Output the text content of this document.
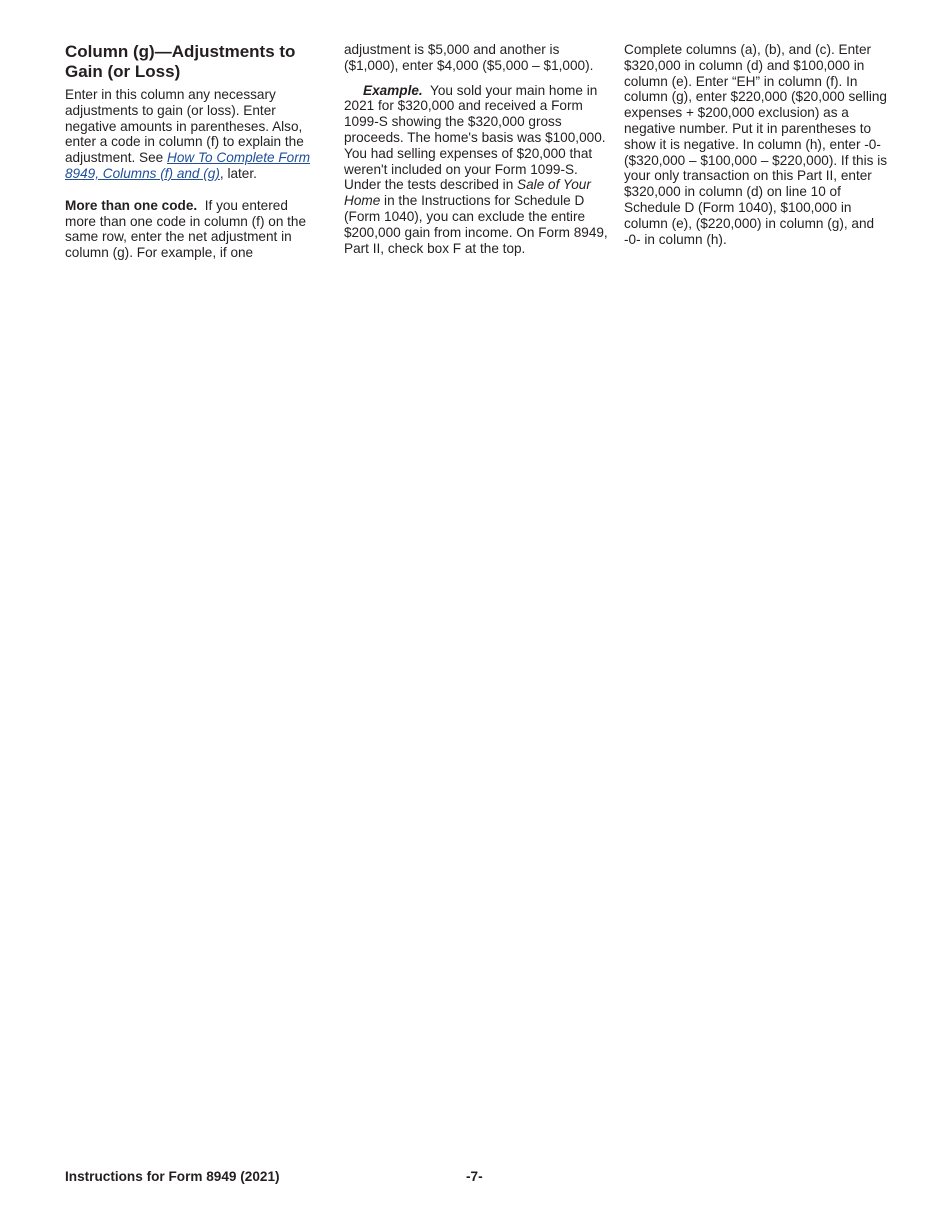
Column (g)—Adjustments to Gain (or Loss)

Enter in this column any necessary adjustments to gain (or loss). Enter negative amounts in parentheses. Also, enter a code in column (f) to explain the adjustment. See How To Complete Form 8949, Columns (f) and (g), later.

More than one code. If you entered more than one code in column (f) on the same row, enter the net adjustment in column (g). For example, if one

adjustment is $5,000 and another is ($1,000), enter $4,000 ($5,000 – $1,000).

Example. You sold your main home in 2021 for $320,000 and received a Form 1099-S showing the $320,000 gross proceeds. The home's basis was $100,000. You had selling expenses of $20,000 that weren't included on your Form 1099-S. Under the tests described in Sale of Your Home in the Instructions for Schedule D (Form 1040), you can exclude the entire $200,000 gain from income. On Form 8949, Part II, check box F at the top.

Complete columns (a), (b), and (c). Enter $320,000 in column (d) and $100,000 in column (e). Enter “EH” in column (f). In column (g), enter $220,000 ($20,000 selling expenses + $200,000 exclusion) as a negative number. Put it in parentheses to show it is negative. In column (h), enter -0- ($320,000 – $100,000 – $220,000). If this is your only transaction on this Part II, enter $320,000 in column (d) on line 10 of Schedule D (Form 1040), $100,000 in column (e), ($220,000) in column (g), and -0- in column (h).

Instructions for Form 8949 (2021)	-7-
